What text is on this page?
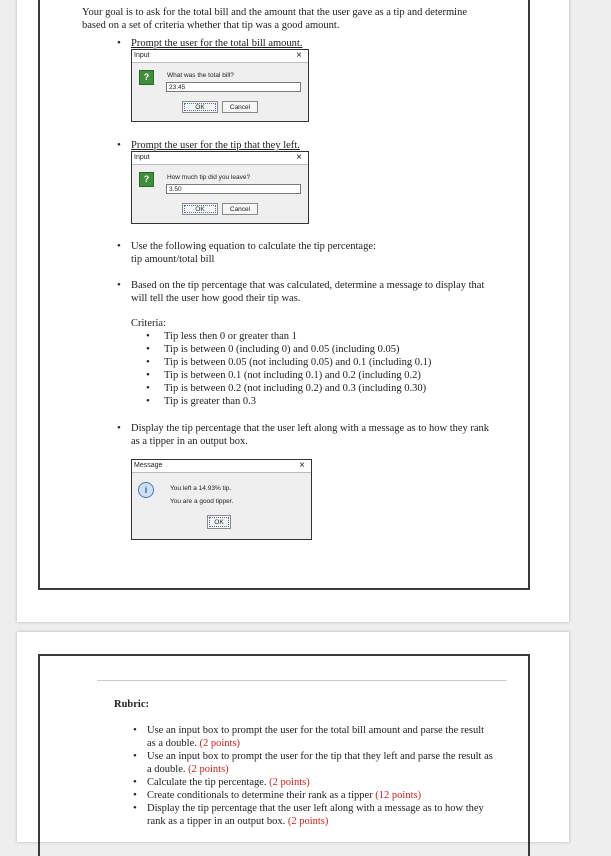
Your goal is to ask for the total bill and the amount that the user gave as a tip and determine
based on a set of criteria whether that tip was a good amount.
• Prompt the user for the total bill amount.
Input	×
?	What was the total bill?
23.45
OK	Cancel
• Prompt the user for the tip that they left.
Input	×
?	How much tip did you leave?
3.50
OK	Cancel
• Use the following equation to calculate the tip percentage:
tip amount/total bill
• Based on the tip percentage that was calculated, determine a message to display that
will tell the user how good their tip was.
Criteria:
• Tip less then 0 or greater than 1
• Tip is between 0 (including 0) and 0.05 (including 0.05)
• Tip is between 0.05 (not including 0.05) and 0.1 (including 0.1)
• Tip is between 0.1 (not including 0.1) and 0.2 (including 0.2)
• Tip is between 0.2 (not including 0.2) and 0.3 (including 0.30)
• Tip is greater than 0.3
• Display the tip percentage that the user left along with a message as to how they rank
as a tipper in an output box.
Message	×
i	You left a 14.93% tip.
You are a good tipper.
OK
Rubric:
• Use an input box to prompt the user for the total bill amount and parse the result
as a double. (2 points)
• Use an input box to prompt the user for the tip that they left and parse the result as
a double. (2 points)
• Calculate the tip percentage. (2 points)
• Create conditionals to determine their rank as a tipper (12 points)
• Display the tip percentage that the user left along with a message as to how they
rank as a tipper in an output box. (2 points)
